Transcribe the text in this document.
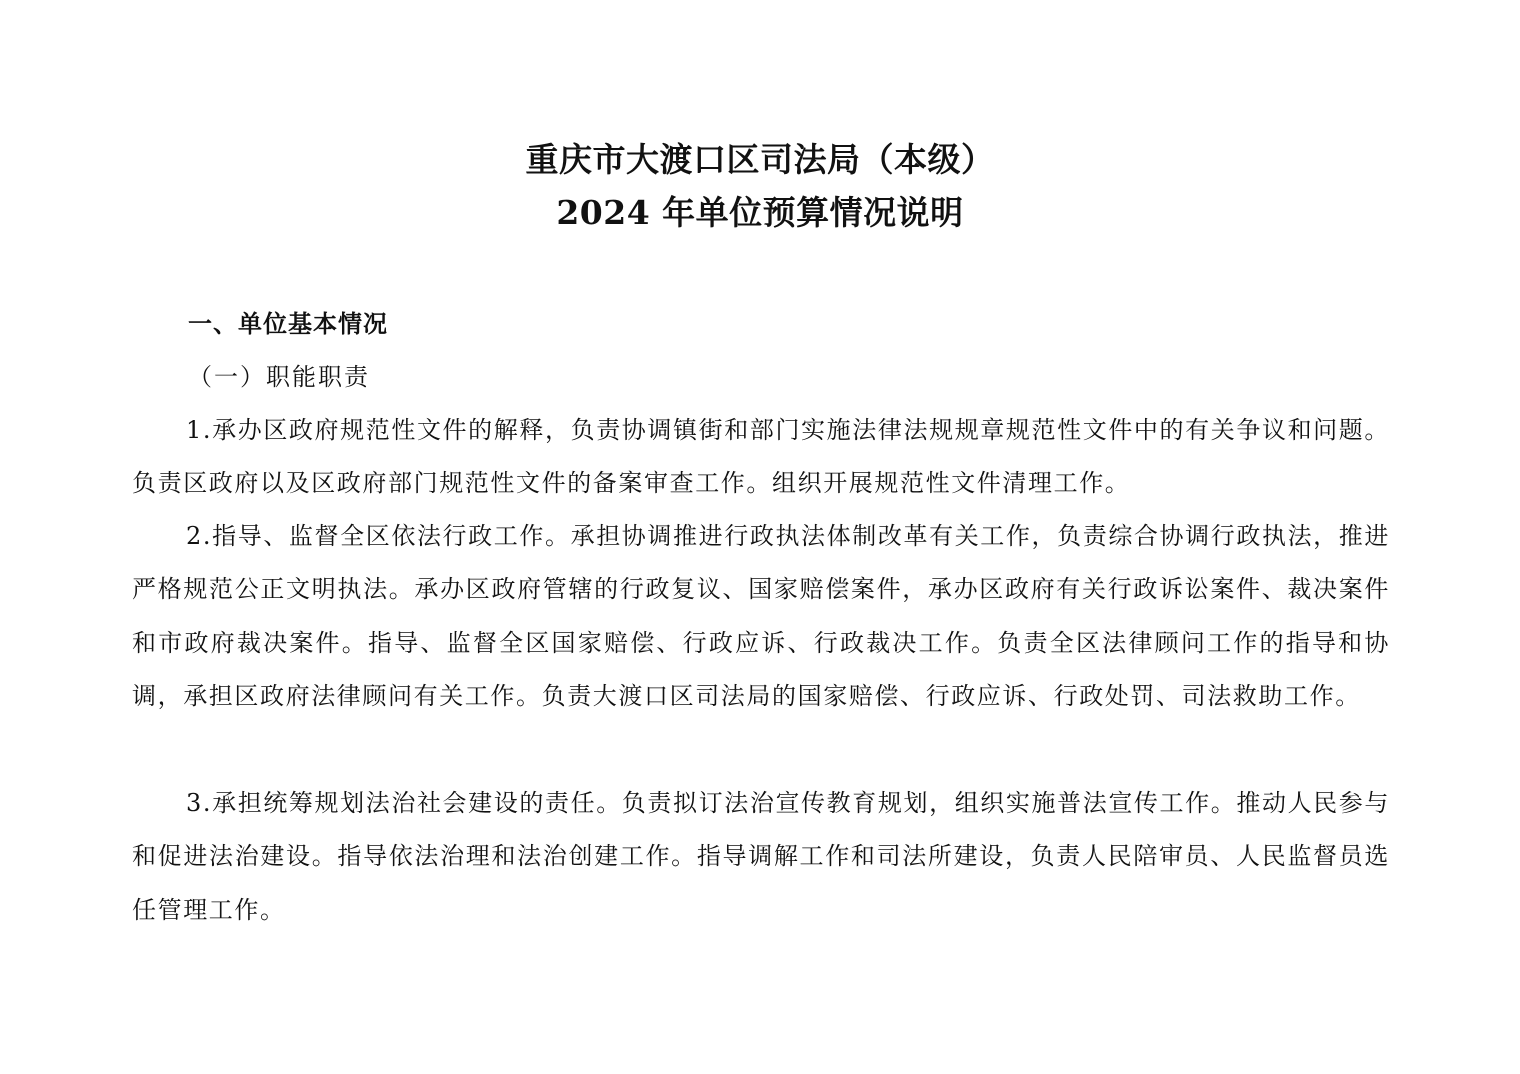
重庆市大渡口区司法局（本级）
2024 年单位预算情况说明
一、单位基本情况
（一）职能职责

1.承办区政府规范性文件的解释，负责协调镇街和部门实施法律法规规章规范性文件中的有关争议和问题。负责区政府以及区政府部门规范性文件的备案审查工作。组织开展规范性文件清理工作。

2.指导、监督全区依法行政工作。承担协调推进行政执法体制改革有关工作，负责综合协调行政执法，推进严格规范公正文明执法。承办区政府管辖的行政复议、国家赔偿案件，承办区政府有关行政诉讼案件、裁决案件和市政府裁决案件。指导、监督全区国家赔偿、行政应诉、行政裁决工作。负责全区法律顾问工作的指导和协调，承担区政府法律顾问有关工作。负责大渡口区司法局的国家赔偿、行政应诉、行政处罚、司法救助工作。

3.承担统筹规划法治社会建设的责任。负责拟订法治宣传教育规划，组织实施普法宣传工作。推动人民参与和促进法治建设。指导依法治理和法治创建工作。指导调解工作和司法所建设，负责人民陪审员、人民监督员选任管理工作。
